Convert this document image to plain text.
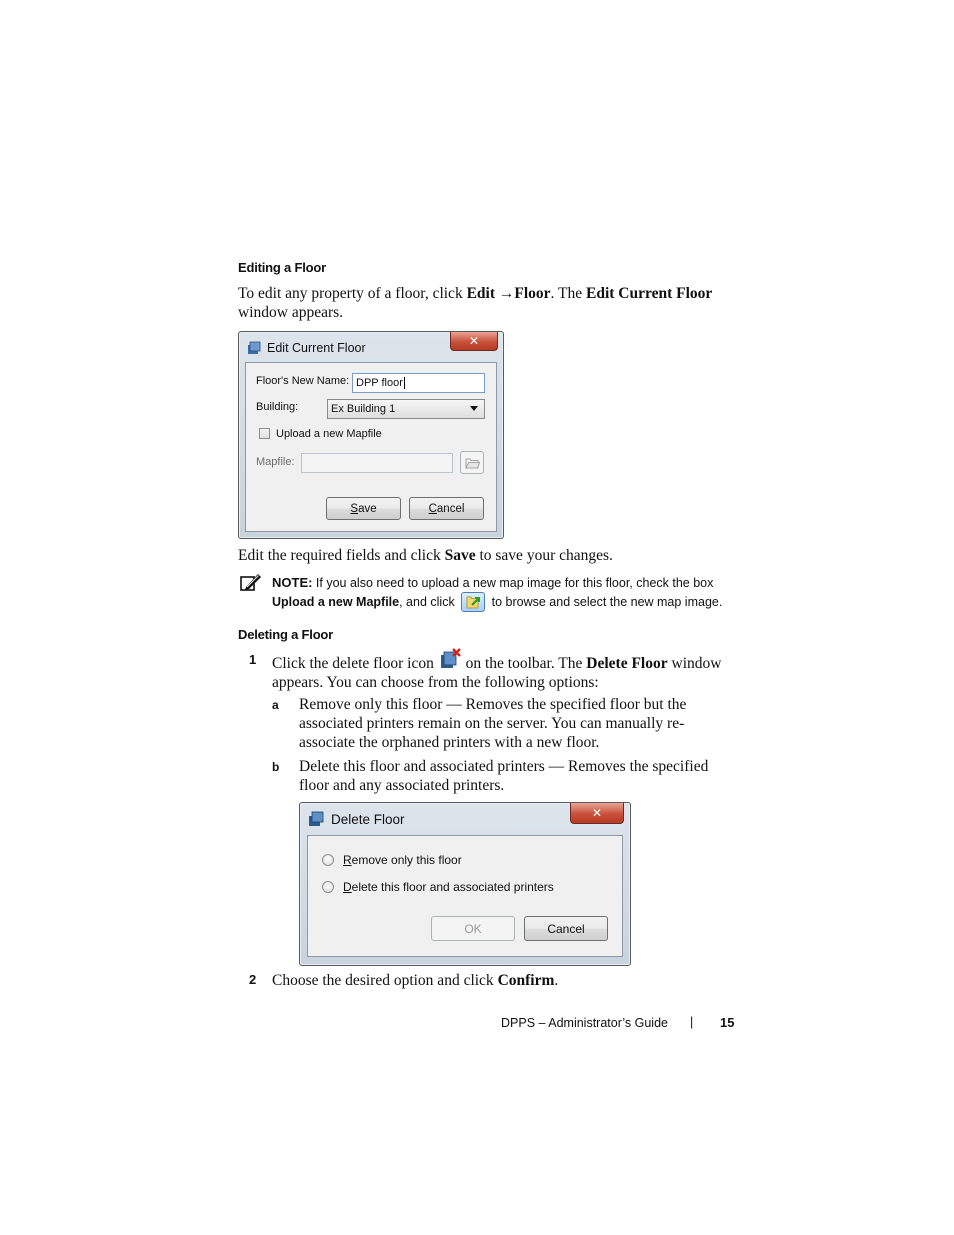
Editing a Floor
To edit any property of a floor, click Edit →Floor. The Edit Current Floor window appears.
Edit Current Floor	✕
Floor's New Name: DPP floor
Building:	Ex Building 1
Upload a new Mapfile
Mapfile:
S ave	C ancel
Edit the required fields and click Save to save your changes.
NOTE: If you also need to upload a new map image for this floor, check the box Upload a new Mapfile, and click
to browse and select the new map image.
Deleting a Floor
1 Click the delete floor icon
on the toolbar. The Delete Floor window appears. You can choose from the following options:
a Remove only this floor — Removes the specified floor but the associated printers remain on the server. You can manually re-associate the orphaned printers with a new floor.
b Delete this floor and associated printers — Removes the specified floor and any associated printers.
Delete Floor	✕
Remove only this floor
Delete this floor and associated printers
OK	Cancel
2 Choose the desired option and click Confirm.
DPPS – Administrator’s Guide | 15
